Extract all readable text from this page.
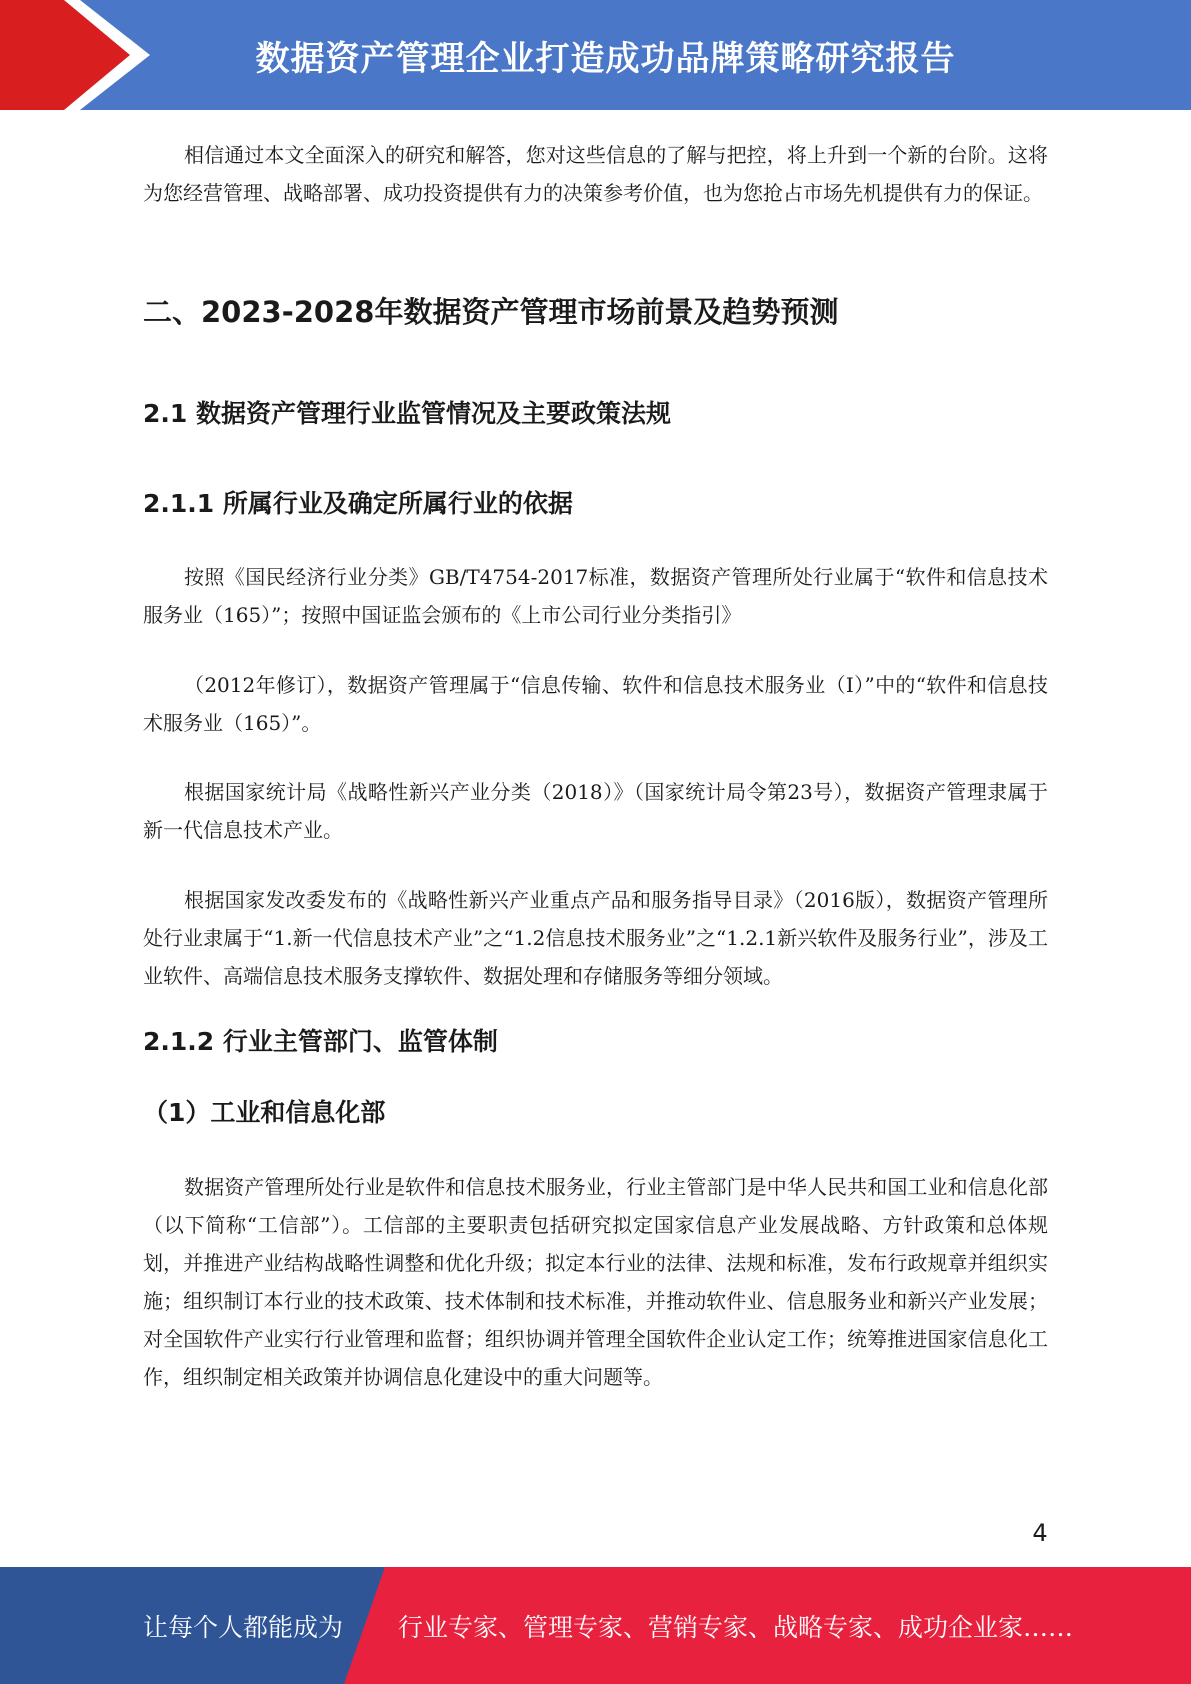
数据资产管理企业打造成功品牌策略研究报告

相信通过本文全面深入的研究和解答，您对这些信息的了解与把控，将上升到一个新的台阶。这将为您经营管理、战略部署、成功投资提供有力的决策参考价值，也为您抢占市场先机提供有力的保证。

二、2023-2028年数据资产管理市场前景及趋势预测
2.1 数据资产管理行业监管情况及主要政策法规
2.1.1 所属行业及确定所属行业的依据

按照《国民经济行业分类》GB/T4754-2017标准，数据资产管理所处行业属于“软件和信息技术服务业（165）”；按照中国证监会颁布的《上市公司行业分类指引》

（2012年修订），数据资产管理属于“信息传输、软件和信息技术服务业（I）”中的“软件和信息技术服务业（165）”。

根据国家统计局《战略性新兴产业分类（2018）》（国家统计局令第23号），数据资产管理隶属于新一代信息技术产业。

根据国家发改委发布的《战略性新兴产业重点产品和服务指导目录》（2016版），数据资产管理所处行业隶属于“1.新一代信息技术产业”之“1.2信息技术服务业”之“1.2.1新兴软件及服务行业”，涉及工业软件、高端信息技术服务支撑软件、数据处理和存储服务等细分领域。

2.1.2 行业主管部门、监管体制
（1）工业和信息化部

数据资产管理所处行业是软件和信息技术服务业，行业主管部门是中华人民共和国工业和信息化部（以下简称“工信部”）。工信部的主要职责包括研究拟定国家信息产业发展战略、方针政策和总体规划，并推进产业结构战略性调整和优化升级；拟定本行业的法律、法规和标准，发布行政规章并组织实施；组织制订本行业的技术政策、技术体制和技术标准，并推动软件业、信息服务业和新兴产业发展；对全国软件产业实行行业管理和监督；组织协调并管理全国软件企业认定工作；统筹推进国家信息化工作，组织制定相关政策并协调信息化建设中的重大问题等。

4
让每个人都能成为 行业专家、管理专家、营销专家、战略专家、成功企业家……
